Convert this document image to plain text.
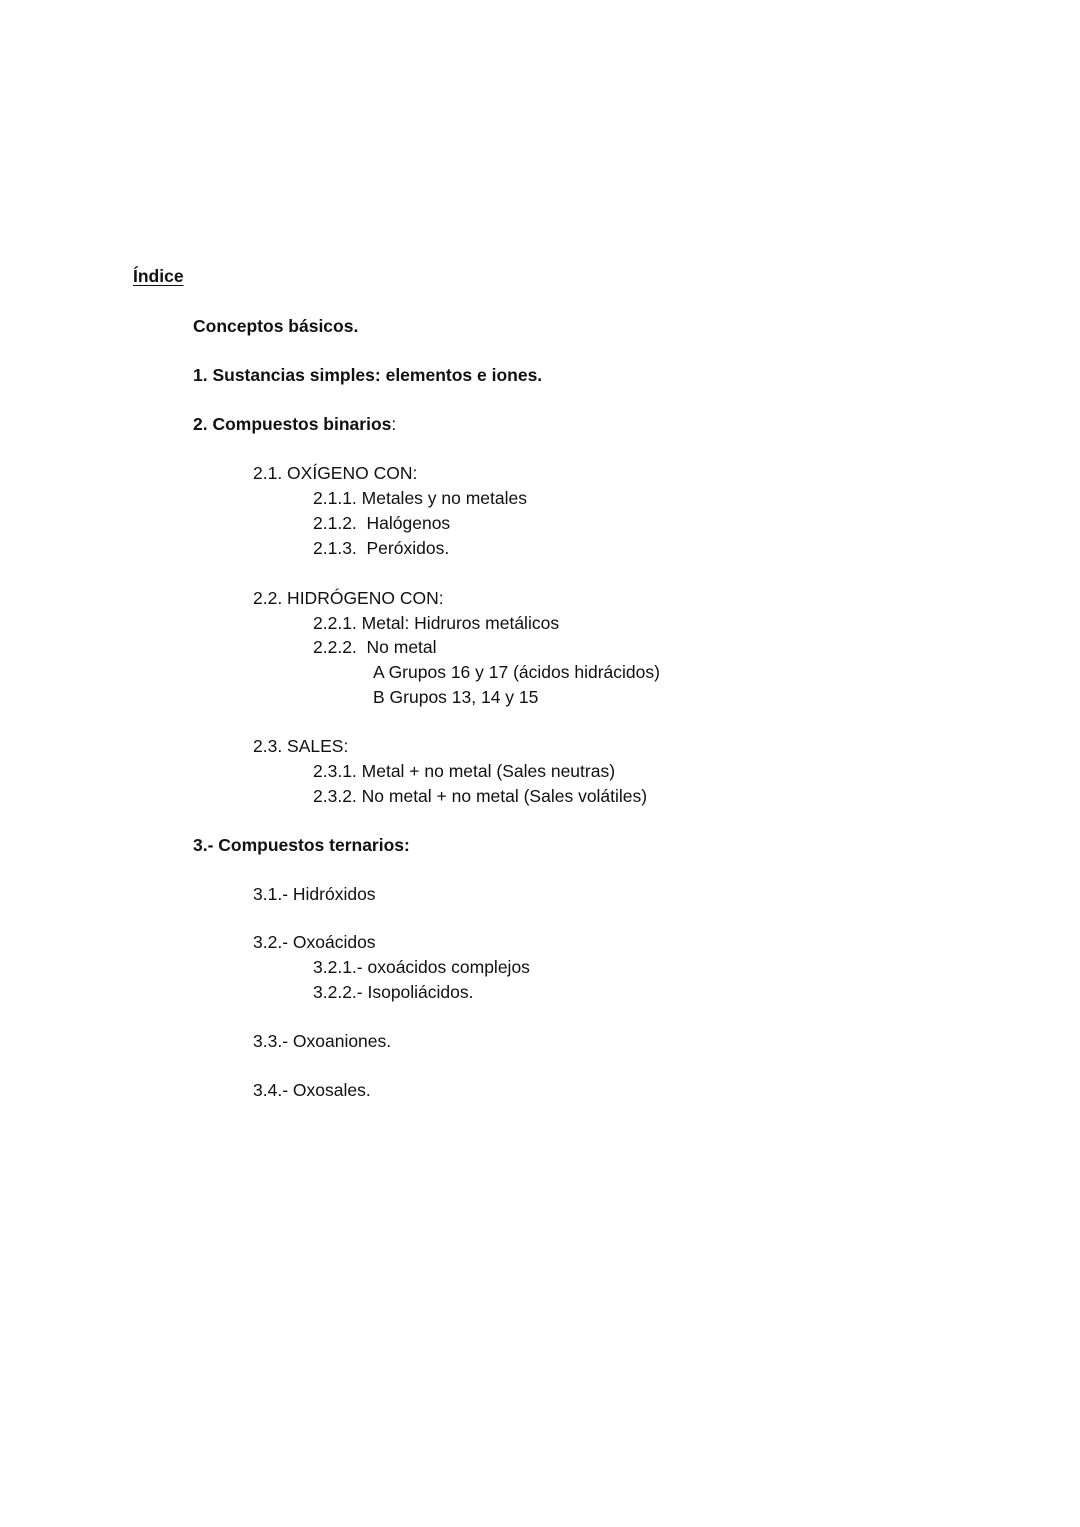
Índice
Conceptos básicos.
1. Sustancias simples: elementos e iones.
2. Compuestos binarios:
2.1. OXÍGENO CON:
2.1.1. Metales y no metales
2.1.2.  Halógenos
2.1.3.  Peróxidos.
2.2. HIDRÓGENO CON:
2.2.1. Metal: Hidruros metálicos
2.2.2.  No metal
A Grupos 16 y 17 (ácidos hidrácidos)
B Grupos 13, 14 y 15
2.3. SALES:
2.3.1. Metal + no metal (Sales neutras)
2.3.2. No metal + no metal (Sales volátiles)
3.- Compuestos ternarios:
3.1.- Hidróxidos
3.2.- Oxoácidos
3.2.1.- oxoácidos complejos
3.2.2.- Isopoliácidos.
3.3.- Oxoaniones.
3.4.- Oxosales.
